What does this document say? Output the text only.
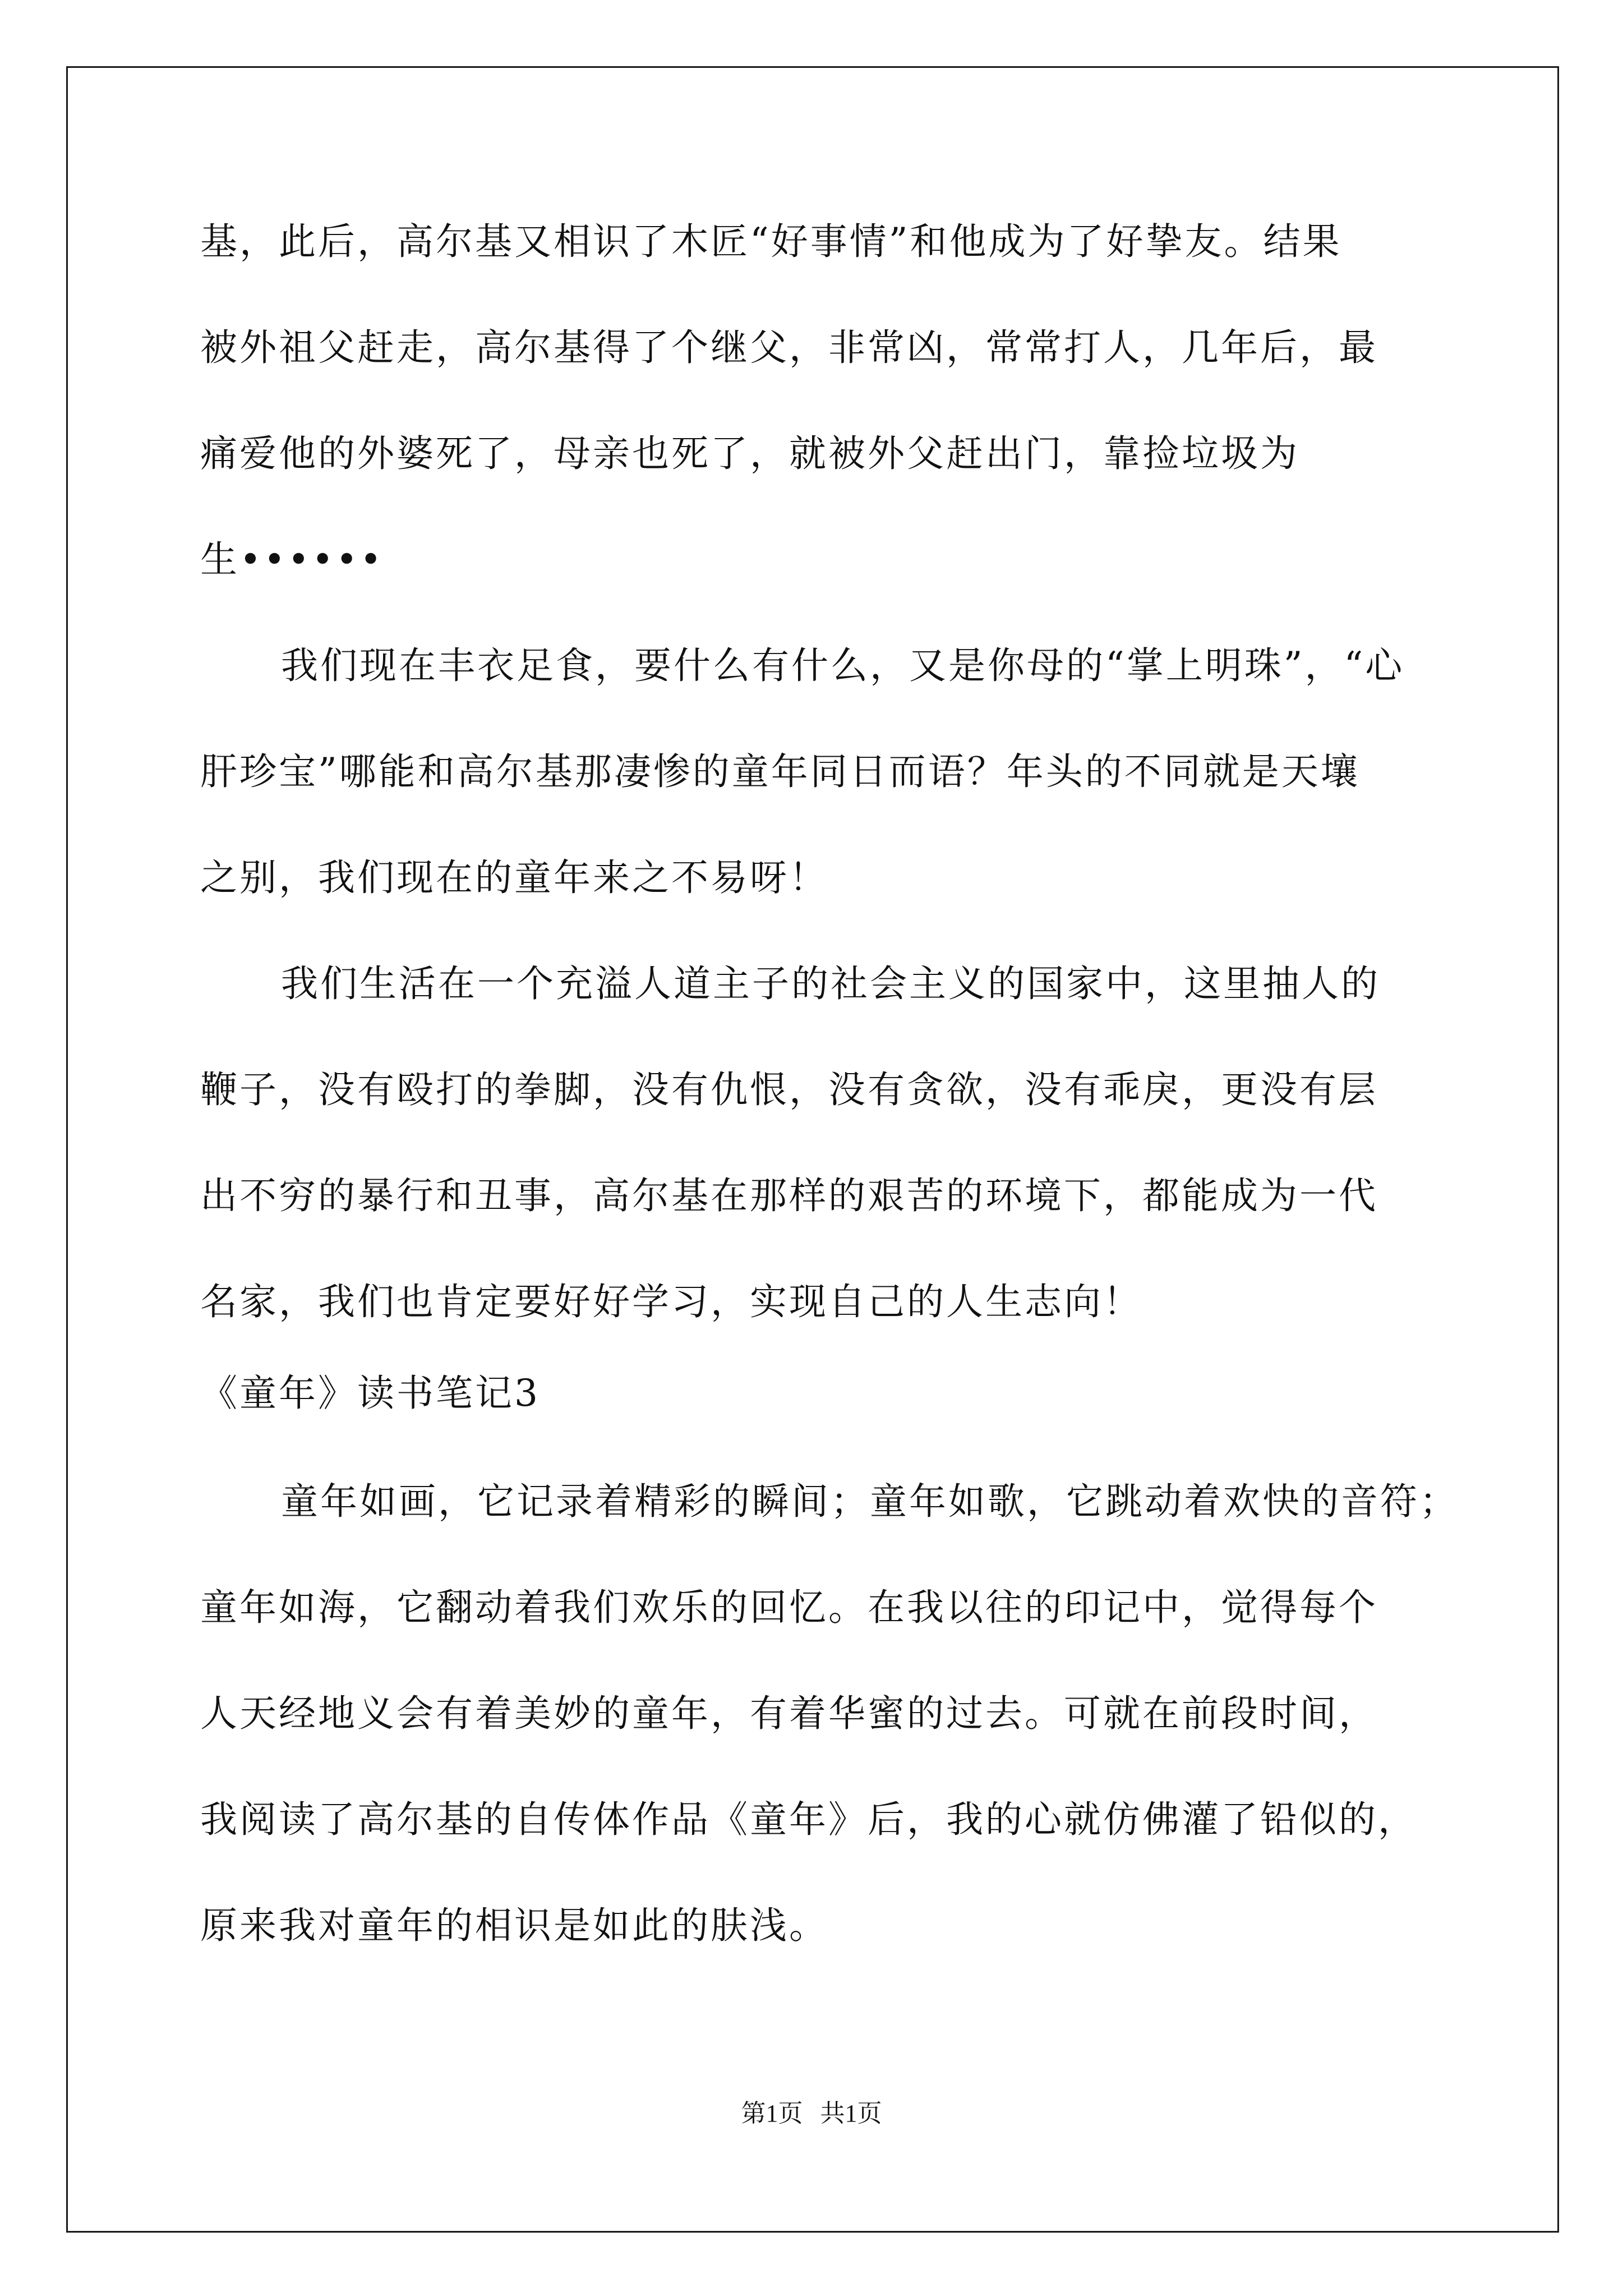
基，此后，高尔基又相识了木匠“好事情”和他成为了好挚友。结果
被外祖父赶走，高尔基得了个继父，非常凶，常常打人，几年后，最
痛爱他的外婆死了，母亲也死了，就被外父赶出门，靠捡垃圾为
生••••••
我们现在丰衣足食，要什么有什么，又是你母的“掌上明珠”，“心
肝珍宝”哪能和高尔基那凄惨的童年同日而语？年头的不同就是天壤
之别，我们现在的童年来之不易呀！
我们生活在一个充溢人道主子的社会主义的国家中，这里抽人的
鞭子，没有殴打的拳脚，没有仇恨，没有贪欲，没有乖戾，更没有层
出不穷的暴行和丑事，高尔基在那样的艰苦的环境下，都能成为一代
名家，我们也肯定要好好学习，实现自己的人生志向！
《童年》读书笔记3
童年如画，它记录着精彩的瞬间；童年如歌，它跳动着欢快的音符；
童年如海，它翻动着我们欢乐的回忆。在我以往的印记中，觉得每个
人天经地义会有着美妙的童年，有着华蜜的过去。可就在前段时间，
我阅读了高尔基的自传体作品《童年》后，我的心就仿佛灌了铅似的，
原来我对童年的相识是如此的肤浅。
第1页 共1页
